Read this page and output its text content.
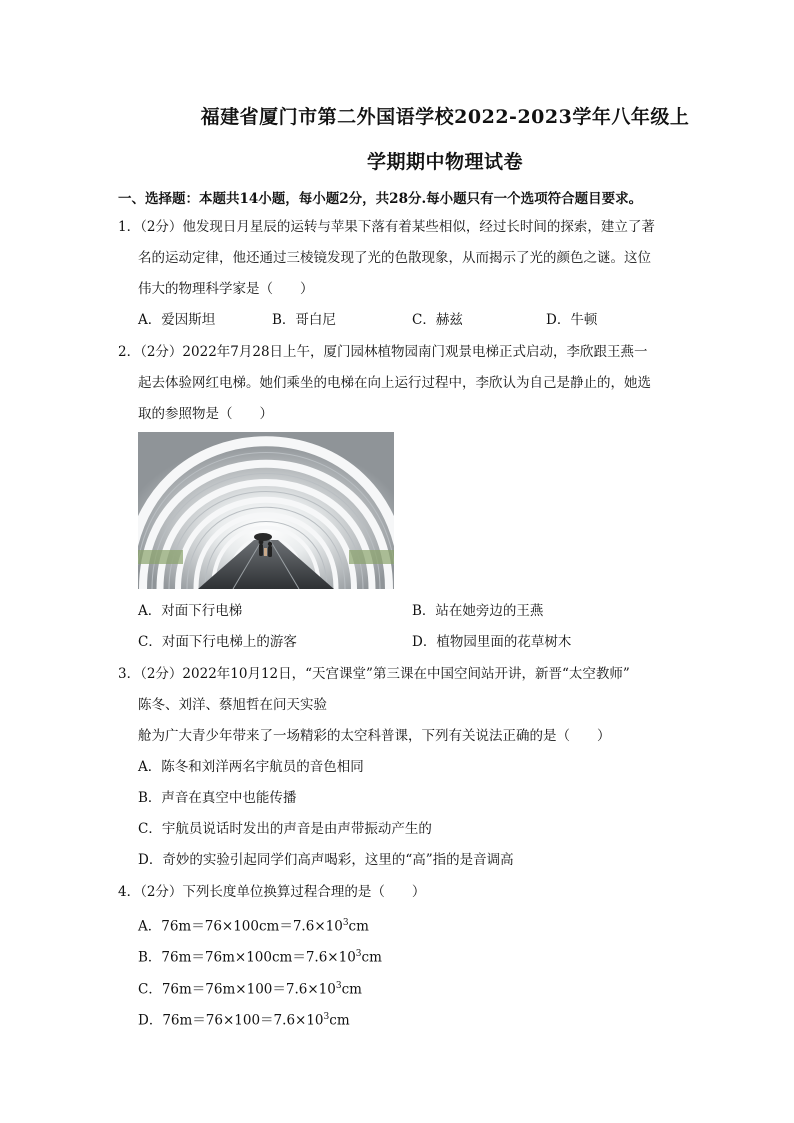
福建省厦门市第二外国语学校2022-2023学年八年级上
学期期中物理试卷
一、选择题：本题共14小题，每小题2分，共28分.每小题只有一个选项符合题目要求。
1．（2分）他发现日月星辰的运转与苹果下落有着某些相似，经过长时间的探索，建立了著
名的运动定律，他还通过三棱镜发现了光的色散现象，从而揭示了光的颜色之谜。这位
伟大的物理科学家是（　　）
A．爱因斯坦	B．哥白尼	C．赫兹	D．牛顿
2．（2分）2022年7月28日上午，厦门园林植物园南门观景电梯正式启动，李欣跟王燕一
起去体验网红电梯。她们乘坐的电梯在向上运行过程中，李欣认为自己是静止的，她选
取的参照物是（　　）
A．对面下行电梯	B．站在她旁边的王燕
C．对面下行电梯上的游客	D．植物园里面的花草树木
3．（2分）2022年10月12日，“天宫课堂”第三课在中国空间站开讲，新晋“太空教师”
陈冬、刘洋、蔡旭哲在问天实验
舱为广大青少年带来了一场精彩的太空科普课，下列有关说法正确的是（　　）
A．陈冬和刘洋两名宇航员的音色相同
B．声音在真空中也能传播
C．宇航员说话时发出的声音是由声带振动产生的
D．奇妙的实验引起同学们高声喝彩，这里的“高”指的是音调高
4．（2分）下列长度单位换算过程合理的是（　　）
A．$76m=76\times 100cm=7.6\times 10^3cm$
B．$76m=76m\times 100cm=7.6\times 10^3cm$
C．$76m=76m\times 100=7.6\times 10^3cm$
D．$76m=76\times 100=7.6\times 10^3cm$
